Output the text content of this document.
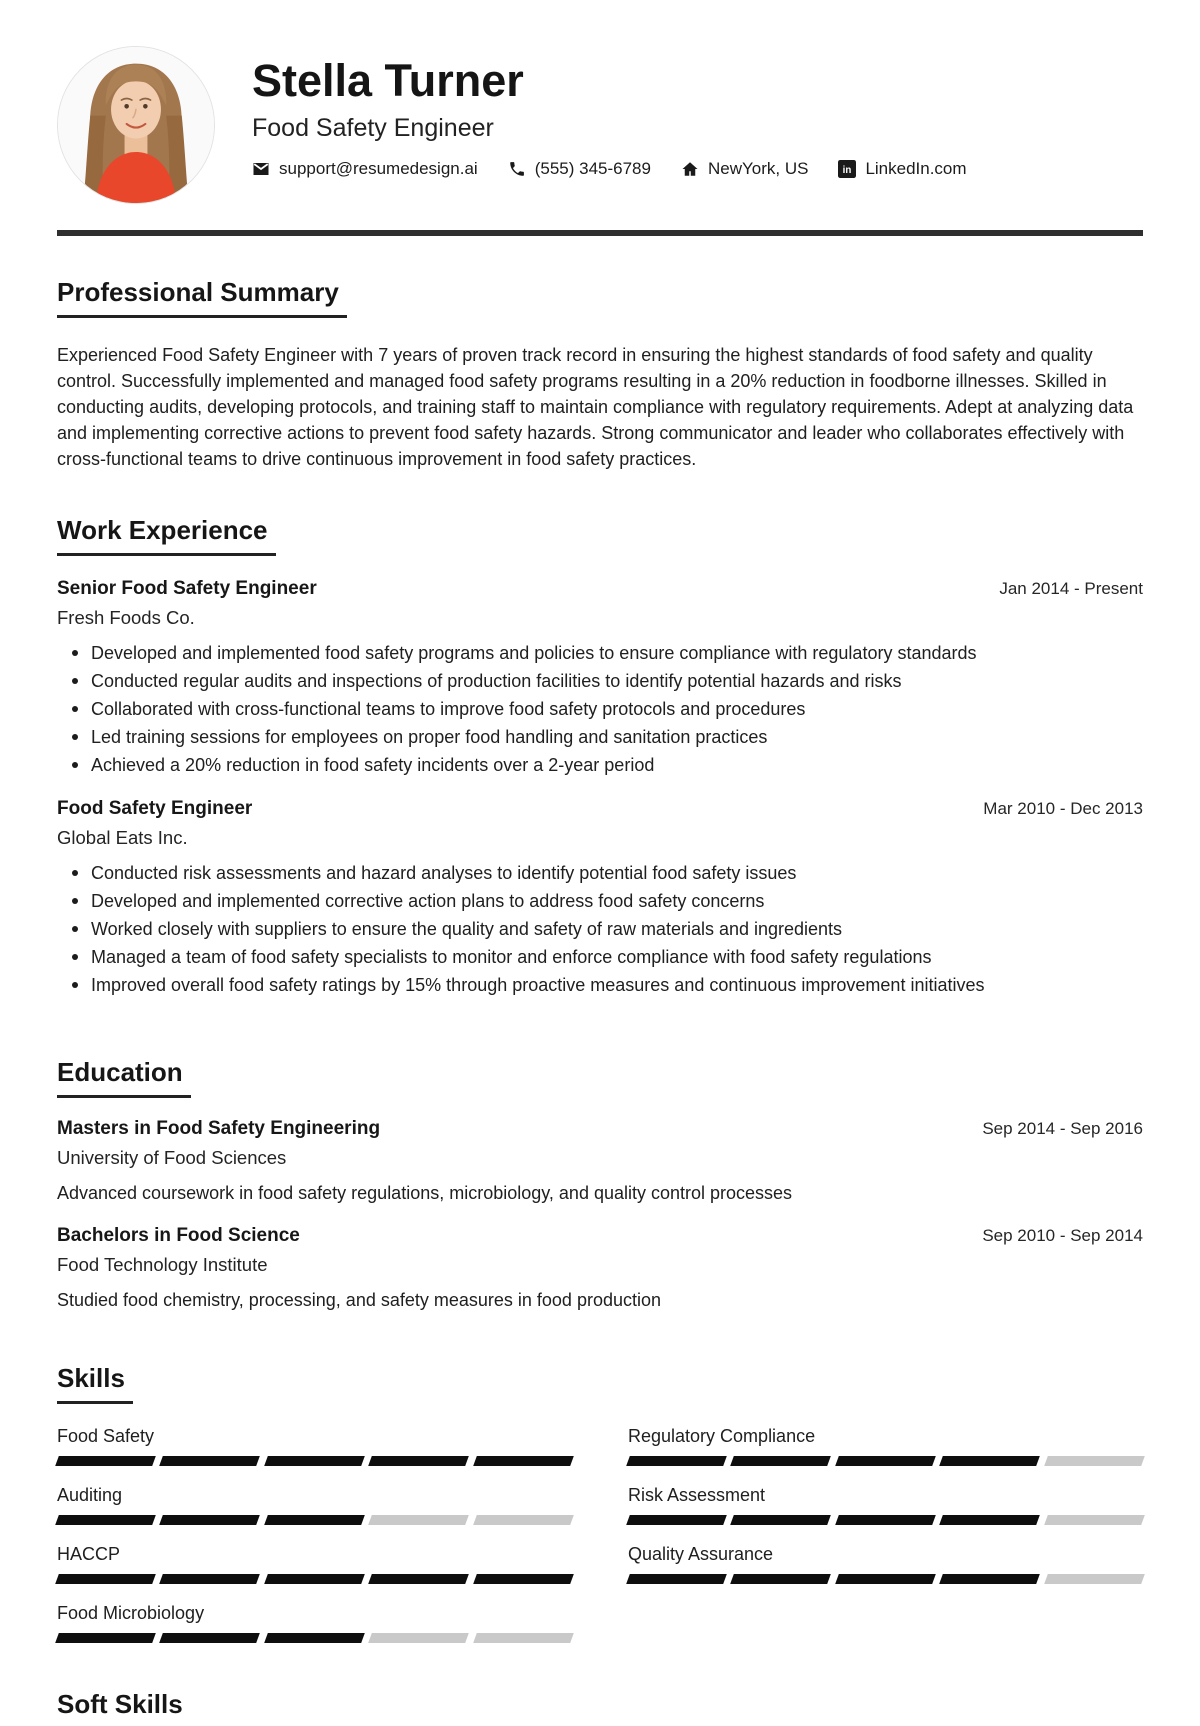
Stella Turner
Food Safety Engineer
support@resumedesign.ai	(555) 345-6789	NewYork, US	in LinkedIn.com
Professional Summary
Experienced Food Safety Engineer with 7 years of proven track record in ensuring the highest standards of food safety and quality control. Successfully implemented and managed food safety programs resulting in a 20% reduction in foodborne illnesses. Skilled in conducting audits, developing protocols, and training staff to maintain compliance with regulatory requirements. Adept at analyzing data and implementing corrective actions to prevent food safety hazards. Strong communicator and leader who collaborates effectively with cross-functional teams to drive continuous improvement in food safety practices.
Work Experience
Senior Food Safety Engineer	Jan 2014 - Present
Fresh Foods Co.
Developed and implemented food safety programs and policies to ensure compliance with regulatory standards
Conducted regular audits and inspections of production facilities to identify potential hazards and risks
Collaborated with cross-functional teams to improve food safety protocols and procedures
Led training sessions for employees on proper food handling and sanitation practices
Achieved a 20% reduction in food safety incidents over a 2-year period
Food Safety Engineer	Mar 2010 - Dec 2013
Global Eats Inc.
Conducted risk assessments and hazard analyses to identify potential food safety issues
Developed and implemented corrective action plans to address food safety concerns
Worked closely with suppliers to ensure the quality and safety of raw materials and ingredients
Managed a team of food safety specialists to monitor and enforce compliance with food safety regulations
Improved overall food safety ratings by 15% through proactive measures and continuous improvement initiatives
Education
Masters in Food Safety Engineering	Sep 2014 - Sep 2016
University of Food Sciences
Advanced coursework in food safety regulations, microbiology, and quality control processes
Bachelors in Food Science	Sep 2010 - Sep 2014
Food Technology Institute
Studied food chemistry, processing, and safety measures in food production
Skills
Food Safety
Auditing
HACCP
Food Microbiology
Regulatory Compliance
Risk Assessment
Quality Assurance
Soft Skills
